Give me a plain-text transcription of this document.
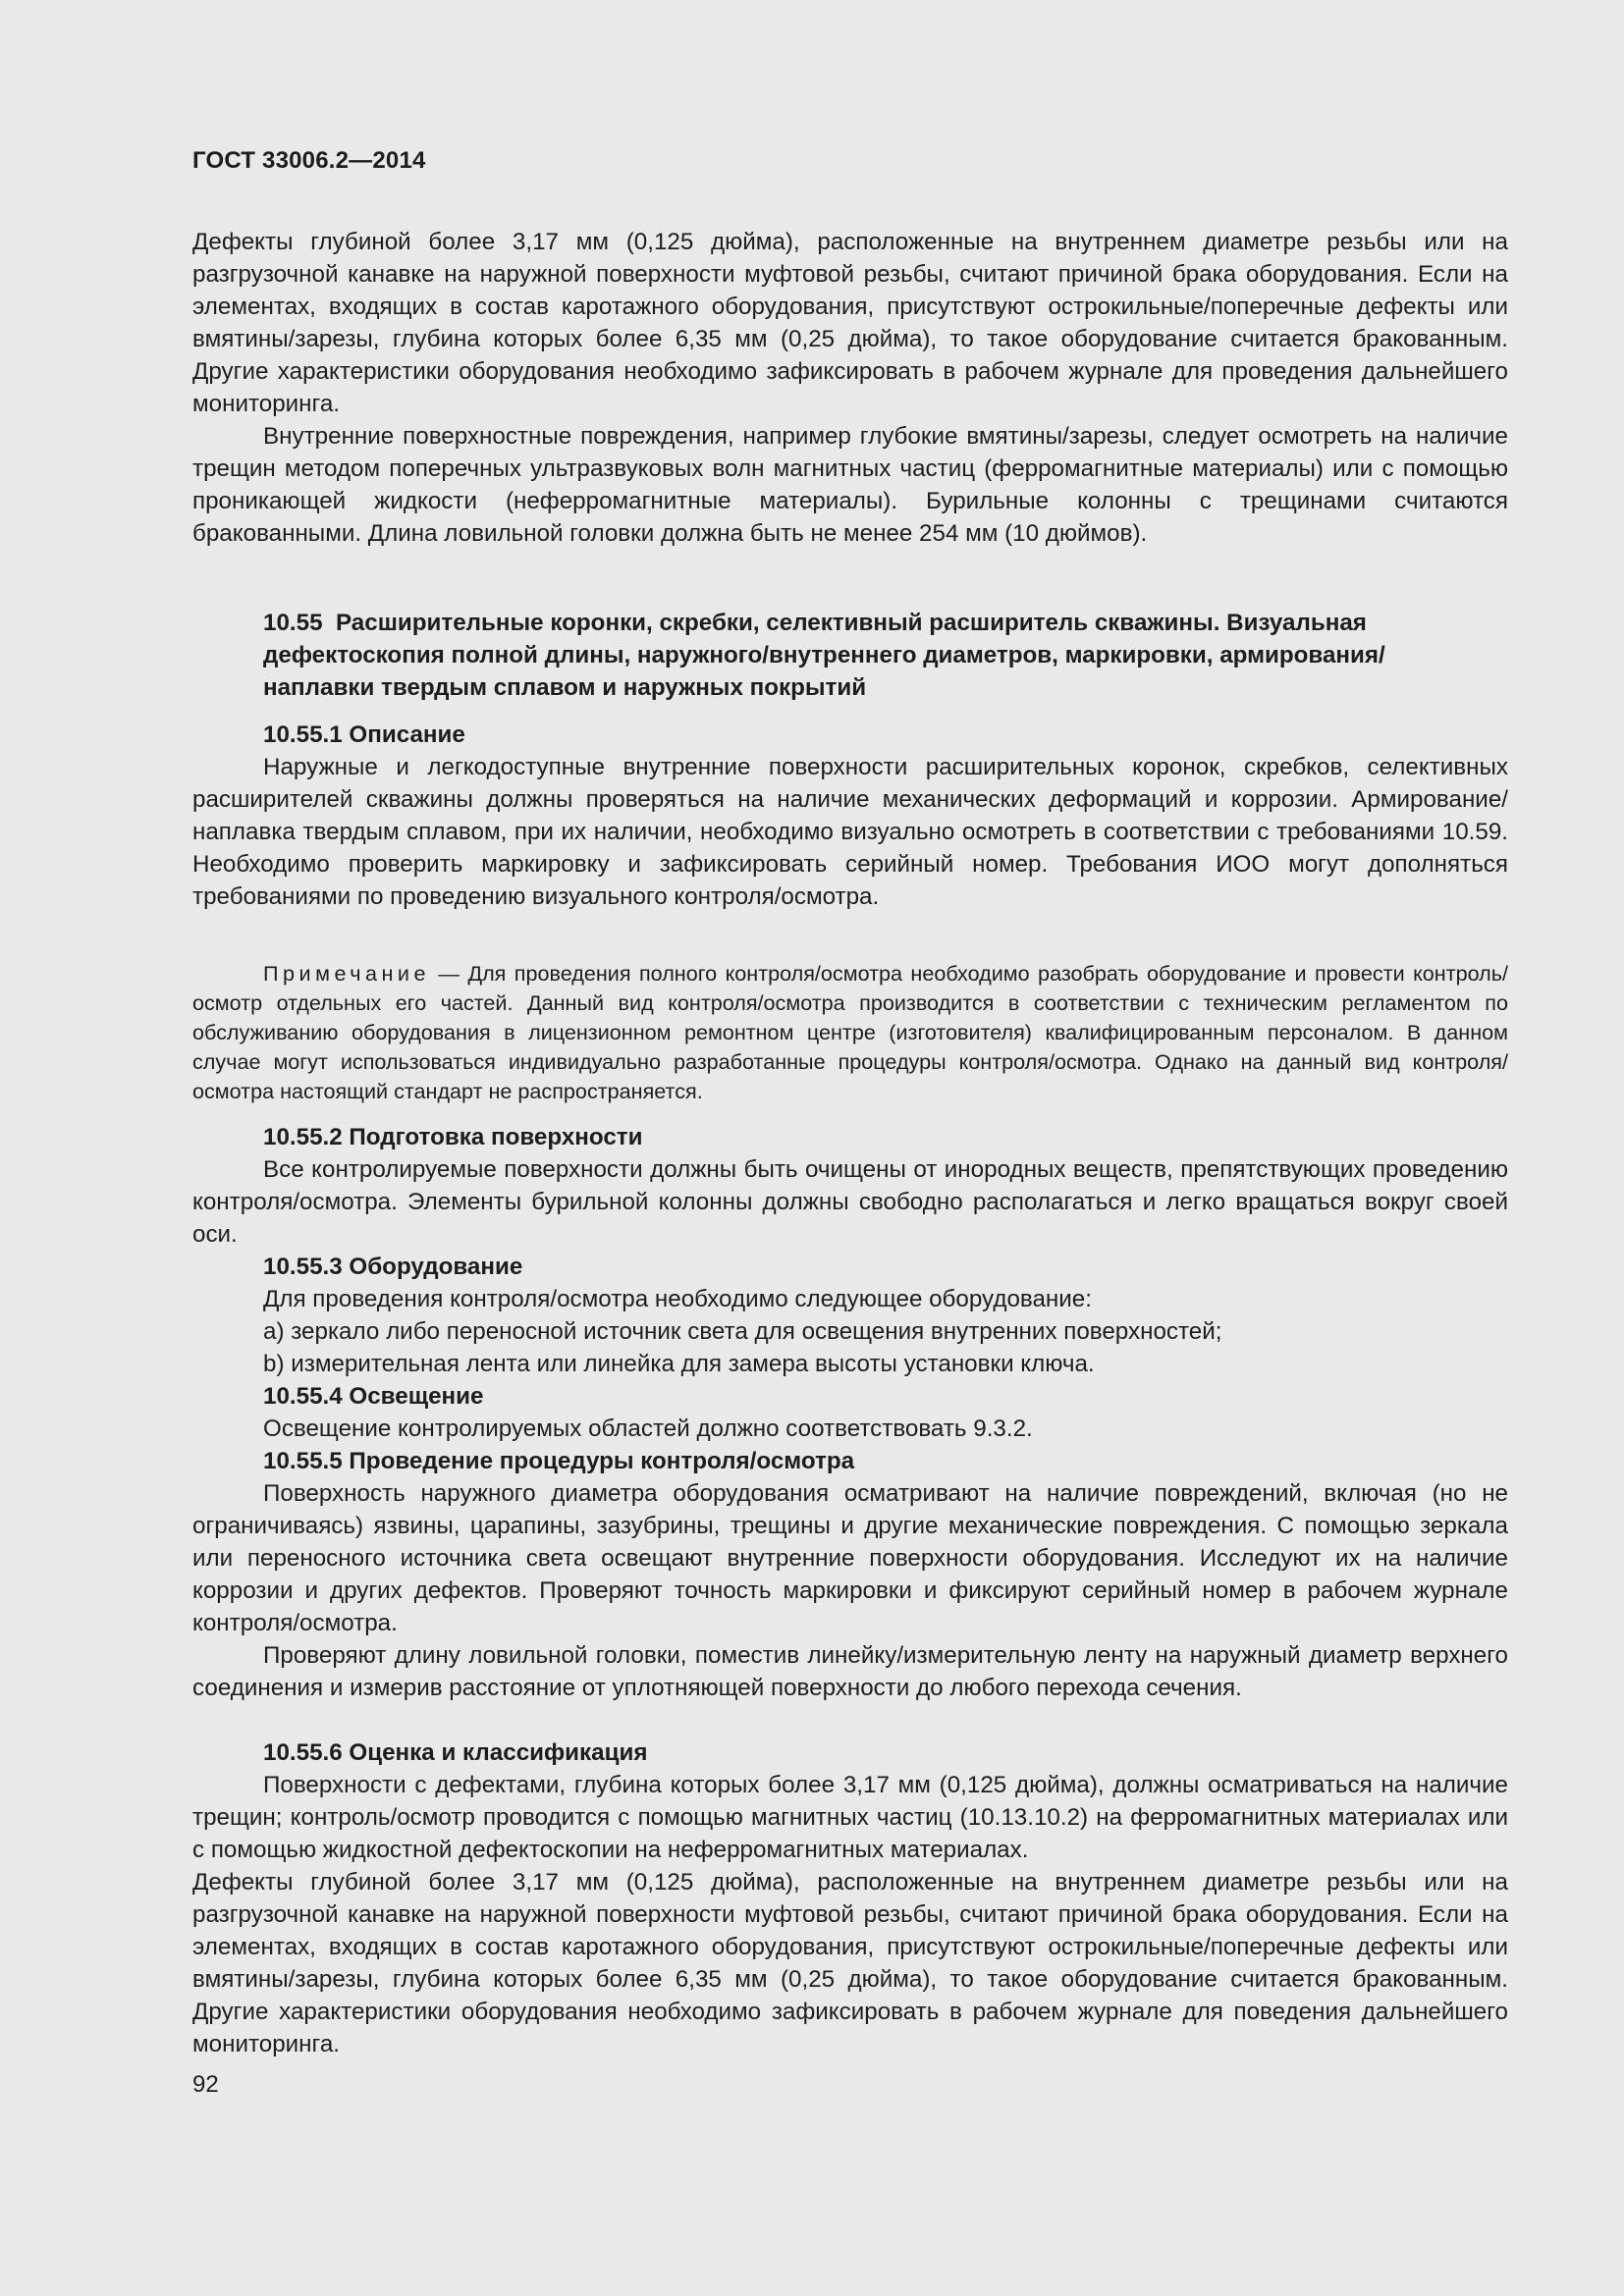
ГОСТ 33006.2—2014

Дефекты глубиной более 3,17 мм (0,125 дюйма), расположенные на внутреннем диаметре резьбы или на разгрузочной канавке на наружной поверхности муфтовой резьбы, считают причиной брака оборудования. Если на элементах, входящих в состав каротажного оборудования, присутствуют острокильные/поперечные дефекты или вмятины/зарезы, глубина которых более 6,35 мм (0,25 дюйма), то такое оборудование считается бракованным. Другие характеристики оборудования необходимо зафиксировать в рабочем журнале для проведения дальнейшего мониторинга.

Внутренние поверхностные повреждения, например глубокие вмятины/зарезы, следует осмотреть на наличие трещин методом поперечных ультразвуковых волн магнитных частиц (ферромагнитные материалы) или с помощью проникающей жидкости (неферромагнитные материалы). Бурильные колонны с трещинами считаются бракованными. Длина ловильной головки должна быть не менее 254 мм (10 дюймов).

10.55 Расширительные коронки, скребки, селективный расширитель скважины. Визуальная дефектоскопия полной длины, наружного/внутреннего диаметров, маркировки, армирования/наплавки твердым сплавом и наружных покрытий
10.55.1 Описание

Наружные и легкодоступные внутренние поверхности расширительных коронок, скребков, селективных расширителей скважины должны проверяться на наличие механических деформаций и коррозии. Армирование/наплавка твердым сплавом, при их наличии, необходимо визуально осмотреть в соответствии с требованиями 10.59. Необходимо проверить маркировку и зафиксировать серийный номер. Требования ИОО могут дополняться требованиями по проведению визуального контроля/осмотра.

Примечание — Для проведения полного контроля/осмотра необходимо разобрать оборудование и провести контроль/осмотр отдельных его частей. Данный вид контроля/осмотра производится в соответствии с техническим регламентом по обслуживанию оборудования в лицензионном ремонтном центре (изготовителя) квалифицированным персоналом. В данном случае могут использоваться индивидуально разработанные процедуры контроля/осмотра. Однако на данный вид контроля/осмотра настоящий стандарт не распространяется.

10.55.2 Подготовка поверхности

Все контролируемые поверхности должны быть очищены от инородных веществ, препятствующих проведению контроля/осмотра. Элементы бурильной колонны должны свободно располагаться и легко вращаться вокруг своей оси.

10.55.3 Оборудование
Для проведения контроля/осмотра необходимо следующее оборудование:
a) зеркало либо переносной источник света для освещения внутренних поверхностей;
b) измерительная лента или линейка для замера высоты установки ключа.
10.55.4 Освещение
Освещение контролируемых областей должно соответствовать 9.3.2.
10.55.5 Проведение процедуры контроля/осмотра

Поверхность наружного диаметра оборудования осматривают на наличие повреждений, включая (но не ограничиваясь) язвины, царапины, зазубрины, трещины и другие механические повреждения. С помощью зеркала или переносного источника света освещают внутренние поверхности оборудования. Исследуют их на наличие коррозии и других дефектов. Проверяют точность маркировки и фиксируют серийный номер в рабочем журнале контроля/осмотра.

Проверяют длину ловильной головки, поместив линейку/измерительную ленту на наружный диаметр верхнего соединения и измерив расстояние от уплотняющей поверхности до любого перехода сечения.

10.55.6 Оценка и классификация

Поверхности с дефектами, глубина которых более 3,17 мм (0,125 дюйма), должны осматриваться на наличие трещин; контроль/осмотр проводится с помощью магнитных частиц (10.13.10.2) на ферромагнитных материалах или с помощью жидкостной дефектоскопии на неферромагнитных материалах.

Дефекты глубиной более 3,17 мм (0,125 дюйма), расположенные на внутреннем диаметре резьбы или на разгрузочной канавке на наружной поверхности муфтовой резьбы, считают причиной брака оборудования. Если на элементах, входящих в состав каротажного оборудования, присутствуют острокильные/поперечные дефекты или вмятины/зарезы, глубина которых более 6,35 мм (0,25 дюйма), то такое оборудование считается бракованным. Другие характеристики оборудования необходимо зафиксировать в рабочем журнале для поведения дальнейшего мониторинга.

92
